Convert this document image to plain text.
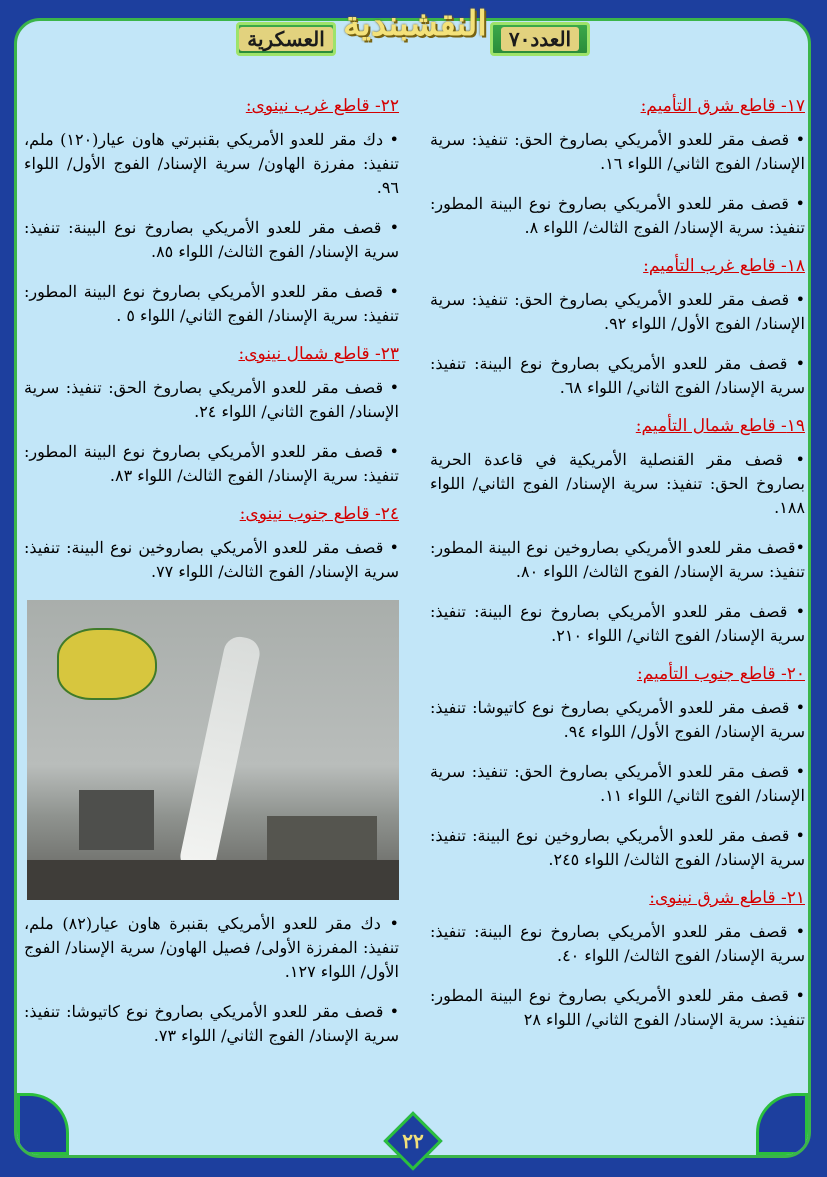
النقشبندية	العدد٧٠
العسكرية
١٧- قاطع شرق التأميم:

• قصف مقر للعدو الأمريكي بصاروخ الحق: تنفيذ: سرية الإسناد/ الفوج الثاني/ اللواء ١٦.

• قصف مقر للعدو الأمريكي بصاروخ نوع البينة المطور: تنفيذ: سرية الإسناد/ الفوج الثالث/ اللواء ٨.

١٨- قاطع غرب التأميم:

• قصف مقر للعدو الأمريكي بصاروخ الحق: تنفيذ: سرية الإسناد/ الفوج الأول/ اللواء ٩٢.

• قصف مقر للعدو الأمريكي بصاروخ نوع البينة: تنفيذ: سرية الإسناد/ الفوج الثاني/ اللواء ٦٨.

١٩- قاطع شمال التأميم:

• قصف مقر القنصلية الأمريكية في قاعدة الحرية بصاروخ الحق: تنفيذ: سرية الإسناد/ الفوج الثاني/ اللواء ١٨٨.

•قصف مقر للعدو الأمريكي بصاروخين نوع البينة المطور: تنفيذ: سرية الإسناد/ الفوج الثالث/ اللواء ٨٠.

• قصف مقر للعدو الأمريكي بصاروخ نوع البينة: تنفيذ: سرية الإسناد/ الفوج الثاني/ اللواء ٢١٠.

٢٠- قاطع جنوب التأميم:

• قصف مقر للعدو الأمريكي بصاروخ نوع كاتيوشا: تنفيذ: سرية الإسناد/ الفوج الأول/ اللواء ٩٤.

• قصف مقر للعدو الأمريكي بصاروخ الحق: تنفيذ: سرية الإسناد/ الفوج الثاني/ اللواء ١١.

• قصف مقر للعدو الأمريكي بصاروخين نوع البينة: تنفيذ: سرية الإسناد/ الفوج الثالث/ اللواء ٢٤٥.

٢١- قاطع شرق نينوى:

• قصف مقر للعدو الأمريكي بصاروخ نوع البينة: تنفيذ: سرية الإسناد/ الفوج الثالث/ اللواء ٤٠.

• قصف مقر للعدو الأمريكي بصاروخ نوع البينة المطور: تنفيذ: سرية الإسناد/ الفوج الثاني/ اللواء ٢٨

٢٢- قاطع غرب نينوى:

• دك مقر للعدو الأمريكي بقنبرتي هاون عيار(١٢٠) ملم، تنفيذ: مفرزة الهاون/ سرية الإسناد/ الفوج الأول/ اللواء ٩٦.

• قصف مقر للعدو الأمريكي بصاروخ نوع البينة: تنفيذ: سرية الإسناد/ الفوج الثالث/ اللواء ٨٥.

• قصف مقر للعدو الأمريكي بصاروخ نوع البينة المطور: تنفيذ: سرية الإسناد/ الفوج الثاني/ اللواء ٥ .

٢٣- قاطع شمال نينوى:

• قصف مقر للعدو الأمريكي بصاروخ الحق: تنفيذ: سرية الإسناد/ الفوج الثاني/ اللواء ٢٤.

• قصف مقر للعدو الأمريكي بصاروخ نوع البينة المطور: تنفيذ: سرية الإسناد/ الفوج الثالث/ اللواء ٨٣.

٢٤- قاطع جنوب نينوى:

• قصف مقر للعدو الأمريكي بصاروخين نوع البينة: تنفيذ: سرية الإسناد/ الفوج الثالث/ اللواء ٧٧.

• دك مقر للعدو الأمريكي بقنبرة هاون عيار(٨٢) ملم، تنفيذ: المفرزة الأولى/ فصيل الهاون/ سرية الإسناد/ الفوج الأول/ اللواء ١٢٧.

• قصف مقر للعدو الأمريكي بصاروخ نوع كاتيوشا: تنفيذ: سرية الإسناد/ الفوج الثاني/ اللواء ٧٣.

٢٢
